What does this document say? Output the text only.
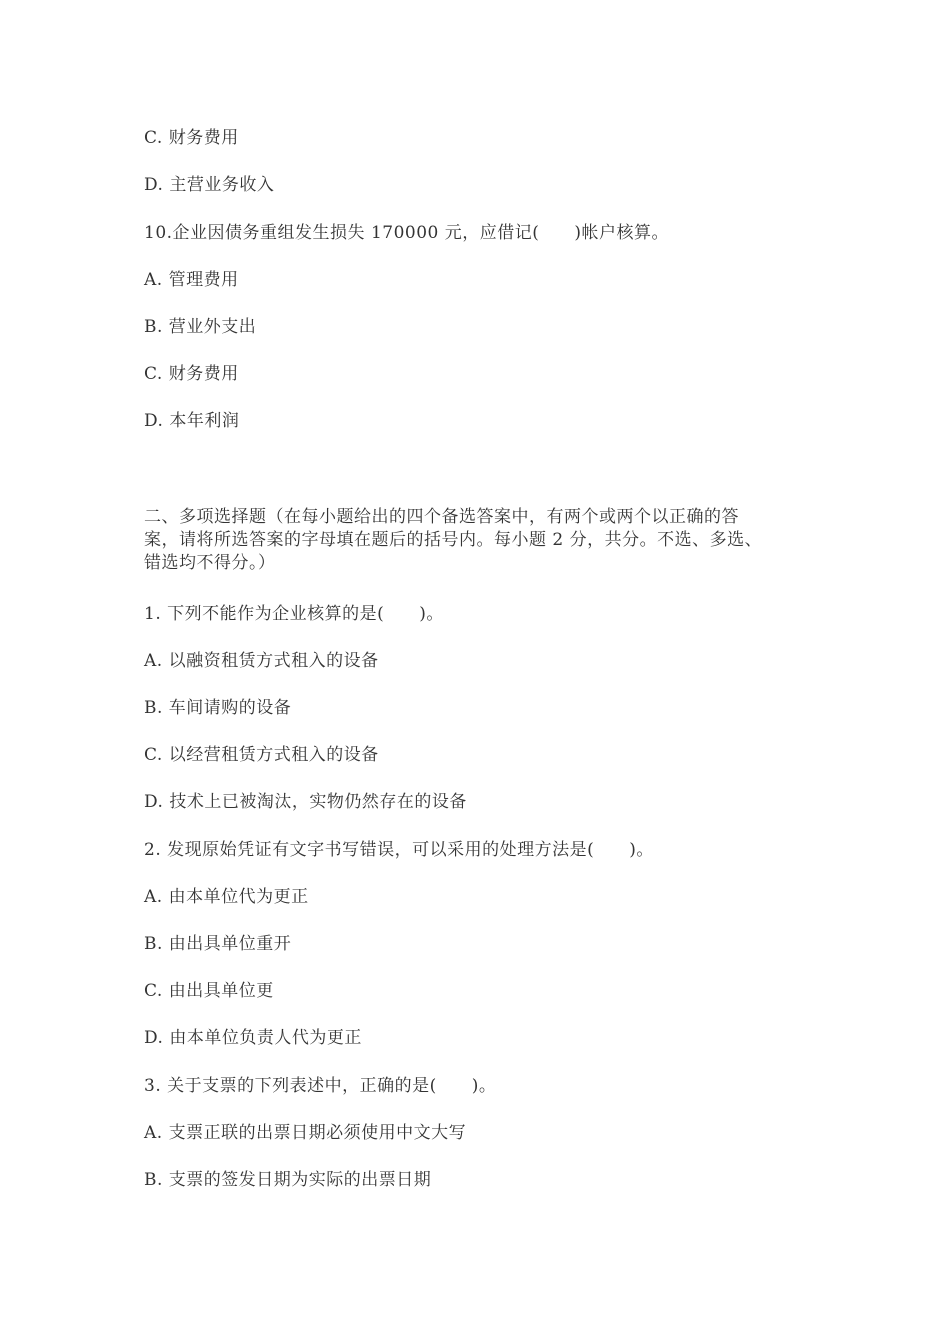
C. 财务费用
D. 主营业务收入
10.企业因债务重组发生损失 170000 元，应借记(　　)帐户核算。
A. 管理费用
B. 营业外支出
C. 财务费用
D. 本年利润
二、多项选择题（在每小题给出的四个备选答案中，有两个或两个以正确的答
案，请将所选答案的字母填在题后的括号内。每小题 2 分，共分。不选、多选、
错选均不得分。）
1. 下列不能作为企业核算的是(　　)。
A. 以融资租赁方式租入的设备
B. 车间请购的设备
C. 以经营租赁方式租入的设备
D. 技术上已被淘汰，实物仍然存在的设备
2. 发现原始凭证有文字书写错误，可以采用的处理方法是(　　)。
A. 由本单位代为更正
B. 由出具单位重开
C. 由出具单位更
D. 由本单位负责人代为更正
3. 关于支票的下列表述中，正确的是(　　)。
A. 支票正联的出票日期必须使用中文大写
B. 支票的签发日期为实际的出票日期
